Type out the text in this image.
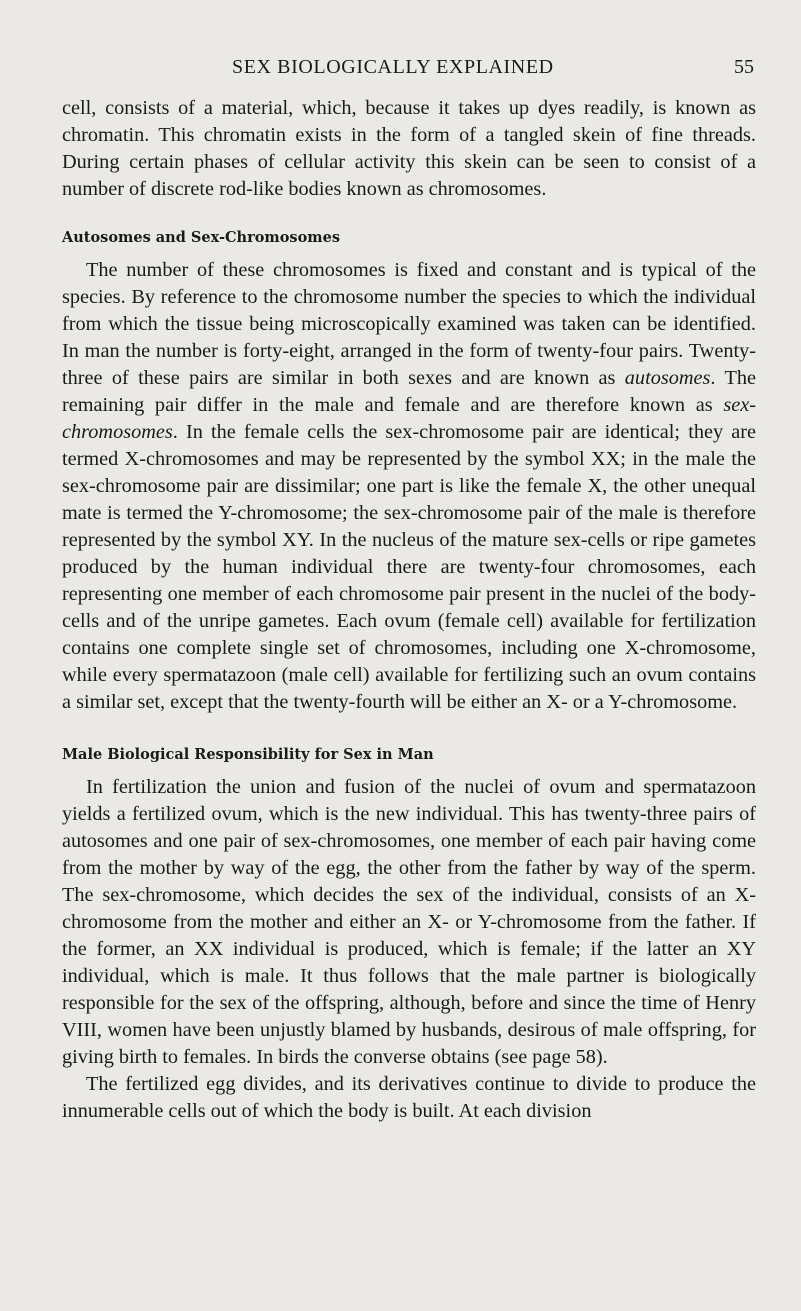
SEX BIOLOGICALLY EXPLAINED	55

cell, consists of a material, which, because it takes up dyes readily, is known as chromatin. This chromatin exists in the form of a tangled skein of fine threads. During certain phases of cellular activity this skein can be seen to consist of a number of discrete rod-like bodies known as chromosomes.

Autosomes and Sex-Chromosomes

The number of these chromosomes is fixed and constant and is typical of the species. By reference to the chromosome number the species to which the individual from which the tissue being microscopically examined was taken can be identified. In man the number is forty-eight, arranged in the form of twenty-four pairs. Twenty-three of these pairs are similar in both sexes and are known as autosomes. The remaining pair differ in the male and female and are therefore known as sex-chromosomes. In the female cells the sex-chromosome pair are identical; they are termed X-chromosomes and may be represented by the symbol XX; in the male the sex-chromosome pair are dissimilar; one part is like the female X, the other unequal mate is termed the Y-chromosome; the sex-chromosome pair of the male is therefore represented by the symbol XY. In the nucleus of the mature sex-cells or ripe gametes produced by the human individual there are twenty-four chromosomes, each representing one member of each chromosome pair present in the nuclei of the body-cells and of the unripe gametes. Each ovum (female cell) available for fertilization contains one complete single set of chromosomes, including one X-chromosome, while every spermatazoon (male cell) available for fertilizing such an ovum contains a similar set, except that the twenty-fourth will be either an X- or a Y-chromosome.

Male Biological Responsibility for Sex in Man

In fertilization the union and fusion of the nuclei of ovum and spermatazoon yields a fertilized ovum, which is the new individual. This has twenty-three pairs of autosomes and one pair of sex-chromosomes, one member of each pair having come from the mother by way of the egg, the other from the father by way of the sperm. The sex-chromosome, which decides the sex of the individual, consists of an X-chromosome from the mother and either an X- or Y-chromosome from the father. If the former, an XX individual is produced, which is female; if the latter an XY individual, which is male. It thus follows that the male partner is biologically responsible for the sex of the offspring, although, before and since the time of Henry VIII, women have been unjustly blamed by husbands, desirous of male offspring, for giving birth to females. In birds the converse obtains (see page 58).

The fertilized egg divides, and its derivatives continue to divide to produce the innumerable cells out of which the body is built. At each division
